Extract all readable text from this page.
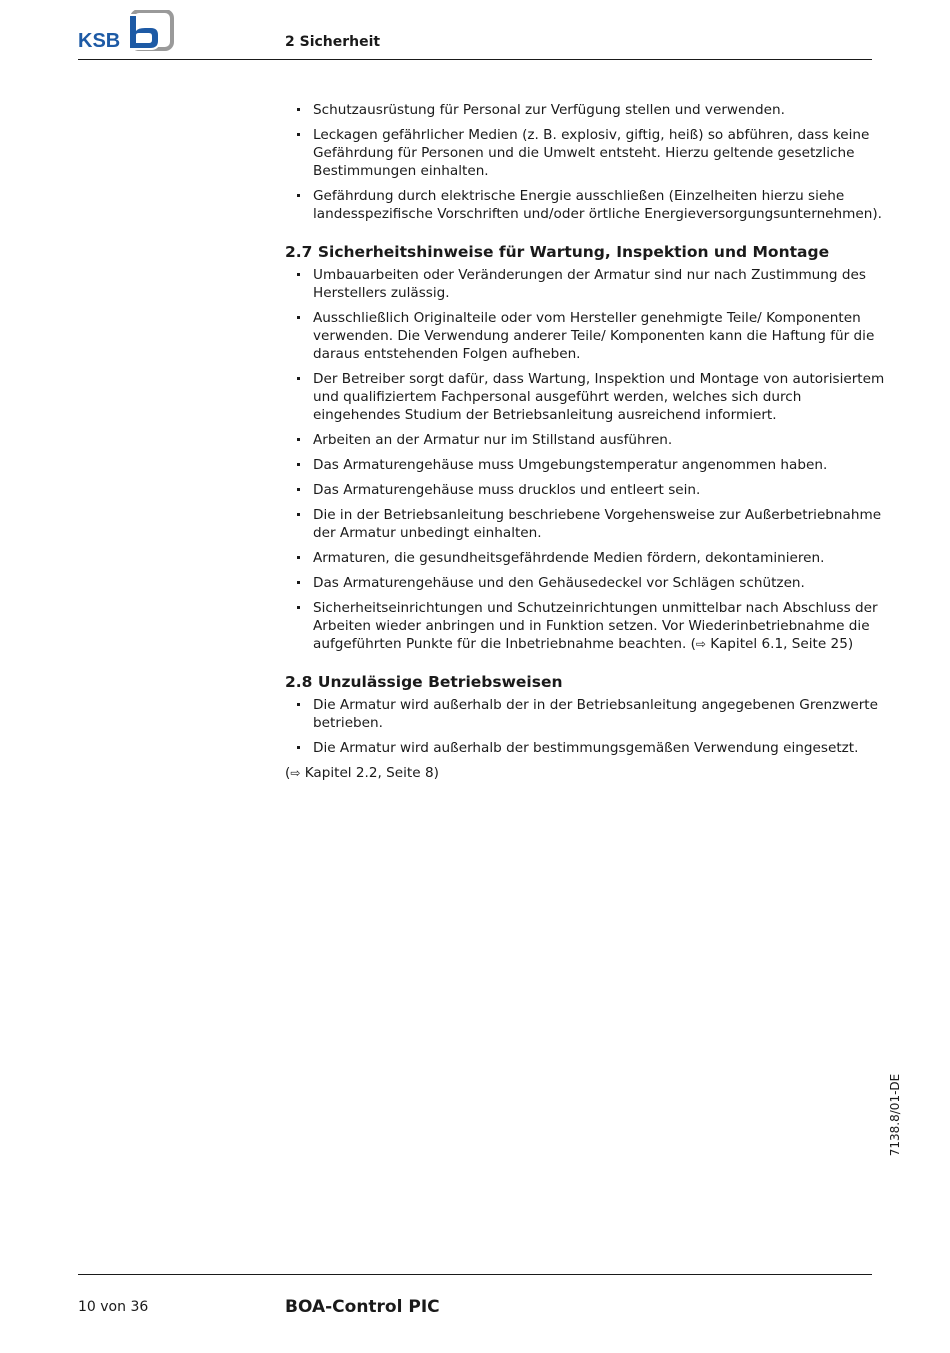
KSB	2 Sicherheit
Schutzausrüstung für Personal zur Verfügung stellen und verwenden.
Leckagen gefährlicher Medien (z. B. explosiv, giftig, heiß) so abführen, dass keine Gefährdung für Personen und die Umwelt entsteht. Hierzu geltende gesetzliche Bestimmungen einhalten.
Gefährdung durch elektrische Energie ausschließen (Einzelheiten hierzu siehe landesspezifische Vorschriften und/oder örtliche Energieversorgungsunternehmen).
2.7 Sicherheitshinweise für Wartung, Inspektion und Montage
Umbauarbeiten oder Veränderungen der Armatur sind nur nach Zustimmung des Herstellers zulässig.
Ausschließlich Originalteile oder vom Hersteller genehmigte Teile/ Komponenten verwenden. Die Verwendung anderer Teile/ Komponenten kann die Haftung für die daraus entstehenden Folgen aufheben.
Der Betreiber sorgt dafür, dass Wartung, Inspektion und Montage von autorisiertem und qualifiziertem Fachpersonal ausgeführt werden, welches sich durch eingehendes Studium der Betriebsanleitung ausreichend informiert.
Arbeiten an der Armatur nur im Stillstand ausführen.
Das Armaturengehäuse muss Umgebungstemperatur angenommen haben.
Das Armaturengehäuse muss drucklos und entleert sein.
Die in der Betriebsanleitung beschriebene Vorgehensweise zur Außerbetriebnahme der Armatur unbedingt einhalten.
Armaturen, die gesundheitsgefährdende Medien fördern, dekontaminieren.
Das Armaturengehäuse und den Gehäusedeckel vor Schlägen schützen.
Sicherheitseinrichtungen und Schutzeinrichtungen unmittelbar nach Abschluss der Arbeiten wieder anbringen und in Funktion setzen. Vor Wiederinbetriebnahme die aufgeführten Punkte für die Inbetriebnahme beachten. (⇨ Kapitel 6.1, Seite 25)
2.8 Unzulässige Betriebsweisen
Die Armatur wird außerhalb der in der Betriebsanleitung angegebenen Grenzwerte betrieben.
Die Armatur wird außerhalb der bestimmungsgemäßen Verwendung eingesetzt.
(⇨ Kapitel 2.2, Seite 8)
7138.8/01-DE
10 von 36	BOA-Control PIC
